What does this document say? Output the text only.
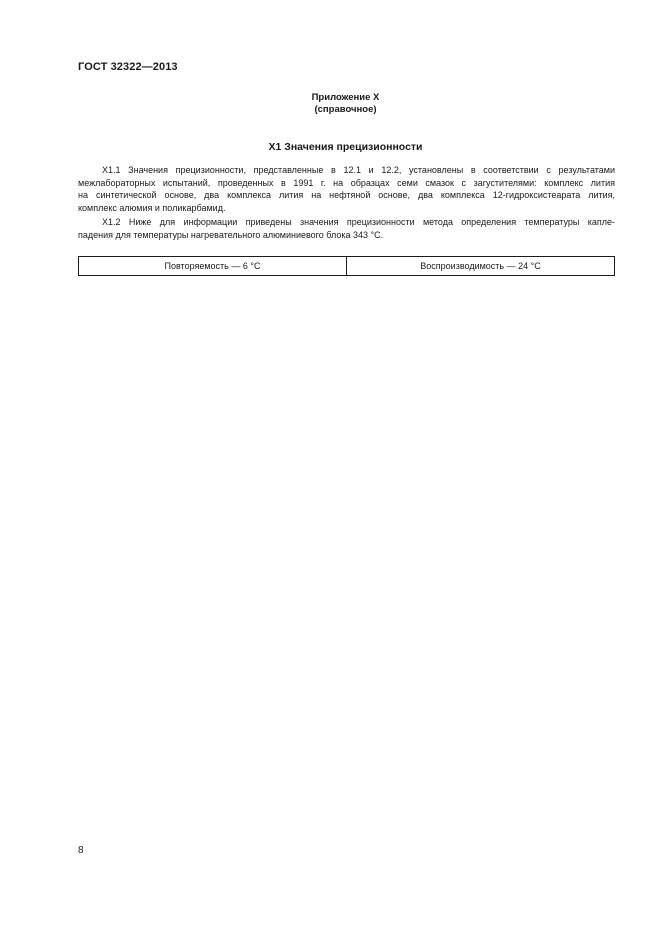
ГОСТ 32322—2013
Приложение Х
(справочное)
Х1 Значения прецизионности

Х1.1 Значения прецизионности, представленные в 12.1 и 12.2, установлены в соответствии с результатами
межлабораторных испытаний, проведенных в 1991 г. на образцах семи смазок с загустителями: комплекс лития
на синтетической основе, два комплекса лития на нефтяной основе, два комплекса 12-гидроксистеарата лития,
комплекс алюмия и поликарбамид.

Х1.2 Ниже для информации приведены значения прецизионности метода определения температуры капле-
падения для температуры нагревательного алюминиевого блока 343 °С.

Повторяемость — 6 °С	Воспроизводимость — 24 °С
8
